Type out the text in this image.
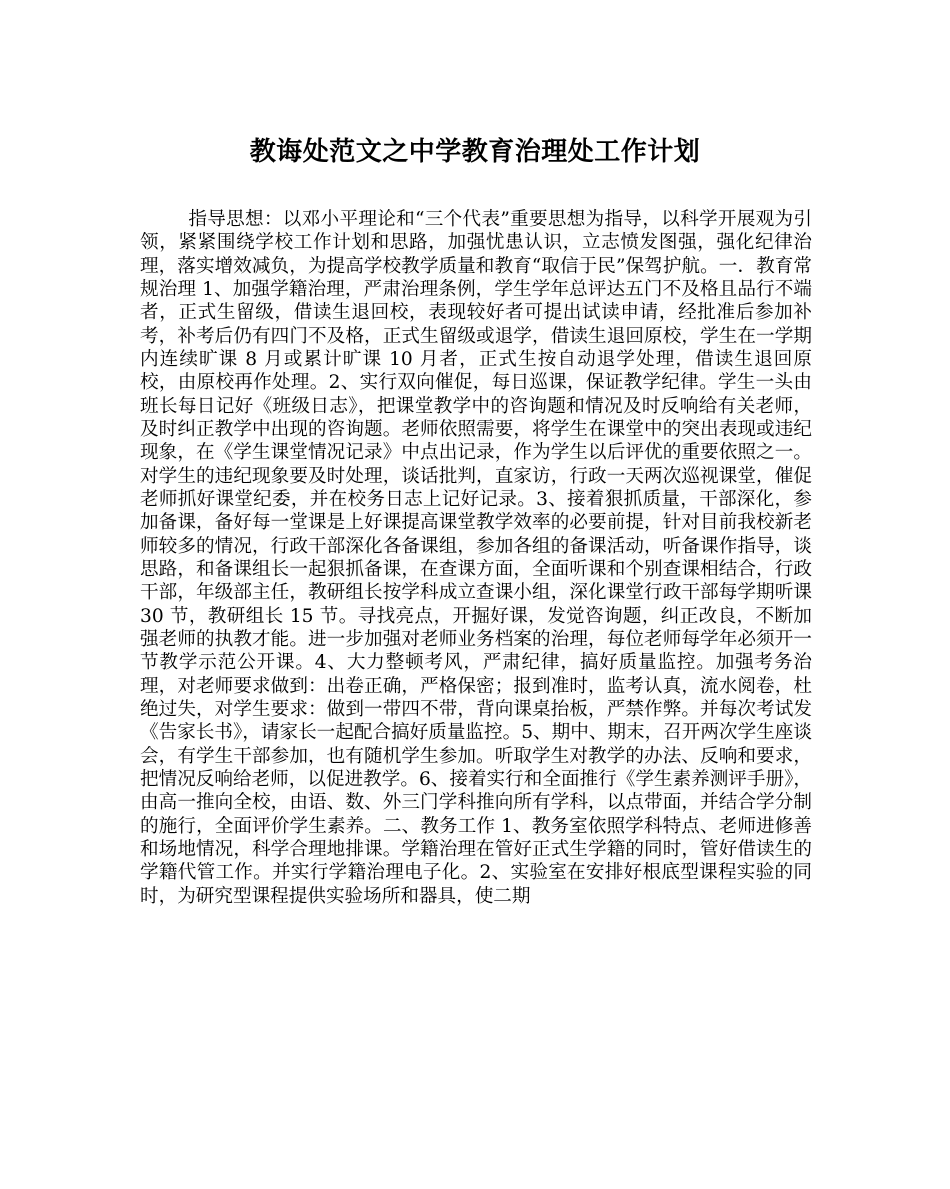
教诲处范文之中学教育治理处工作计划

指导思想：以邓小平理论和“三个代表”重要思想为指导，以科学开展观为引领，紧紧围绕学校工作计划和思路，加强忧患认识，立志愤发图强，强化纪律治理，落实增效减负，为提高学校教学质量和教育“取信于民”保驾护航。一．教育常规治理 1、加强学籍治理，严肃治理条例，学生学年总评达五门不及格且品行不端者，正式生留级，借读生退回校，表现较好者可提出试读申请，经批准后参加补考，补考后仍有四门不及格，正式生留级或退学，借读生退回原校，学生在一学期内连续旷课 8 月或累计旷课 10 月者，正式生按自动退学处理，借读生退回原校，由原校再作处理。2、实行双向催促，每日巡课，保证教学纪律。学生一头由班长每日记好《班级日志》，把课堂教学中的咨询题和情况及时反响给有关老师，及时纠正教学中出现的咨询题。老师依照需要，将学生在课堂中的突出表现或违纪现象，在《学生课堂情况记录》中点出记录，作为学生以后评优的重要依照之一。对学生的违纪现象要及时处理，谈话批判，直家访，行政一天两次巡视课堂，催促老师抓好课堂纪委，并在校务日志上记好记录。3、接着狠抓质量，干部深化，参加备课，备好每一堂课是上好课提高课堂教学效率的必要前提，针对目前我校新老师较多的情况，行政干部深化各备课组，参加各组的备课活动，听备课作指导，谈思路，和备课组长一起狠抓备课，在查课方面，全面听课和个别查课相结合，行政干部，年级部主任，教研组长按学科成立查课小组，深化课堂行政干部每学期听课 30 节，教研组长 15 节。寻找亮点，开掘好课，发觉咨询题，纠正改良，不断加强老师的执教才能。进一步加强对老师业务档案的治理，每位老师每学年必须开一节教学示范公开课。4、大力整顿考风，严肃纪律，搞好质量监控。加强考务治理，对老师要求做到：出卷正确，严格保密；报到准时，监考认真，流水阅卷，杜绝过失，对学生要求：做到一带四不带，背向课桌抬板，严禁作弊。并每次考试发《告家长书》，请家长一起配合搞好质量监控。5、期中、期末，召开两次学生座谈会，有学生干部参加，也有随机学生参加。听取学生对教学的办法、反响和要求，把情况反响给老师，以促进教学。6、接着实行和全面推行《学生素养测评手册》，由高一推向全校，由语、数、外三门学科推向所有学科，以点带面，并结合学分制的施行，全面评价学生素养。二、教务工作 1、教务室依照学科特点、老师进修善和场地情况，科学合理地排课。学籍治理在管好正式生学籍的同时，管好借读生的学籍代管工作。并实行学籍治理电子化。2、实验室在安排好根底型课程实验的同时，为研究型课程提供实验场所和器具，使二期
